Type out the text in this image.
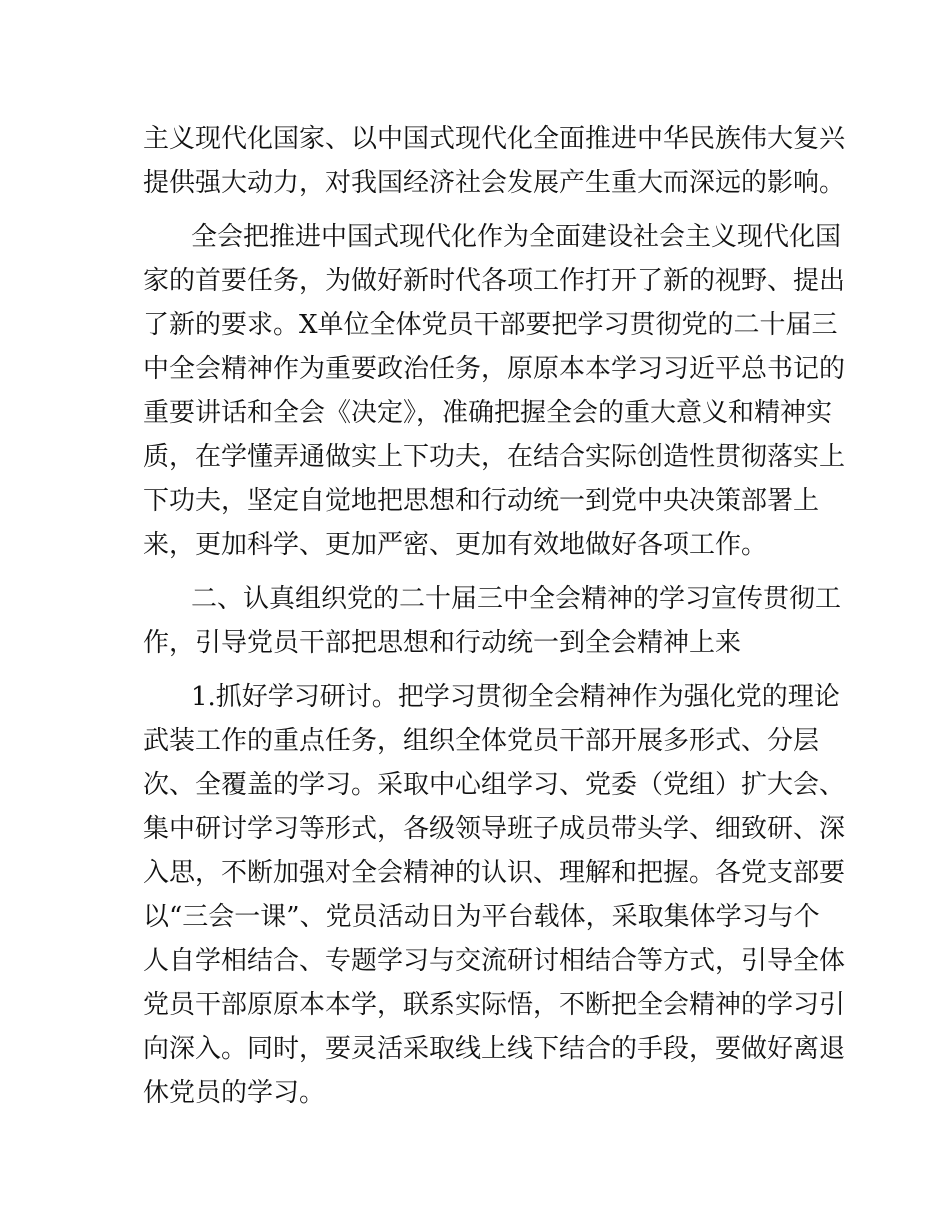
主义现代化国家、以中国式现代化全面推进中华民族伟大复兴
提供强大动力，对我国经济社会发展产生重大而深远的影响。
全会把推进中国式现代化作为全面建设社会主义现代化国
家的首要任务，为做好新时代各项工作打开了新的视野、提出
了新的要求。X单位全体党员干部要把学习贯彻党的二十届三
中全会精神作为重要政治任务，原原本本学习习近平总书记的
重要讲话和全会《决定》，准确把握全会的重大意义和精神实
质，在学懂弄通做实上下功夫，在结合实际创造性贯彻落实上
下功夫，坚定自觉地把思想和行动统一到党中央决策部署上
来，更加科学、更加严密、更加有效地做好各项工作。
二、认真组织党的二十届三中全会精神的学习宣传贯彻工
作，引导党员干部把思想和行动统一到全会精神上来
1.抓好学习研讨。把学习贯彻全会精神作为强化党的理论
武装工作的重点任务，组织全体党员干部开展多形式、分层
次、全覆盖的学习。采取中心组学习、党委（党组）扩大会、
集中研讨学习等形式，各级领导班子成员带头学、细致研、深
入思，不断加强对全会精神的认识、理解和把握。各党支部要
以“三会一课”、党员活动日为平台载体，采取集体学习与个
人自学相结合、专题学习与交流研讨相结合等方式，引导全体
党员干部原原本本学，联系实际悟，不断把全会精神的学习引
向深入。同时，要灵活采取线上线下结合的手段，要做好离退
休党员的学习。
